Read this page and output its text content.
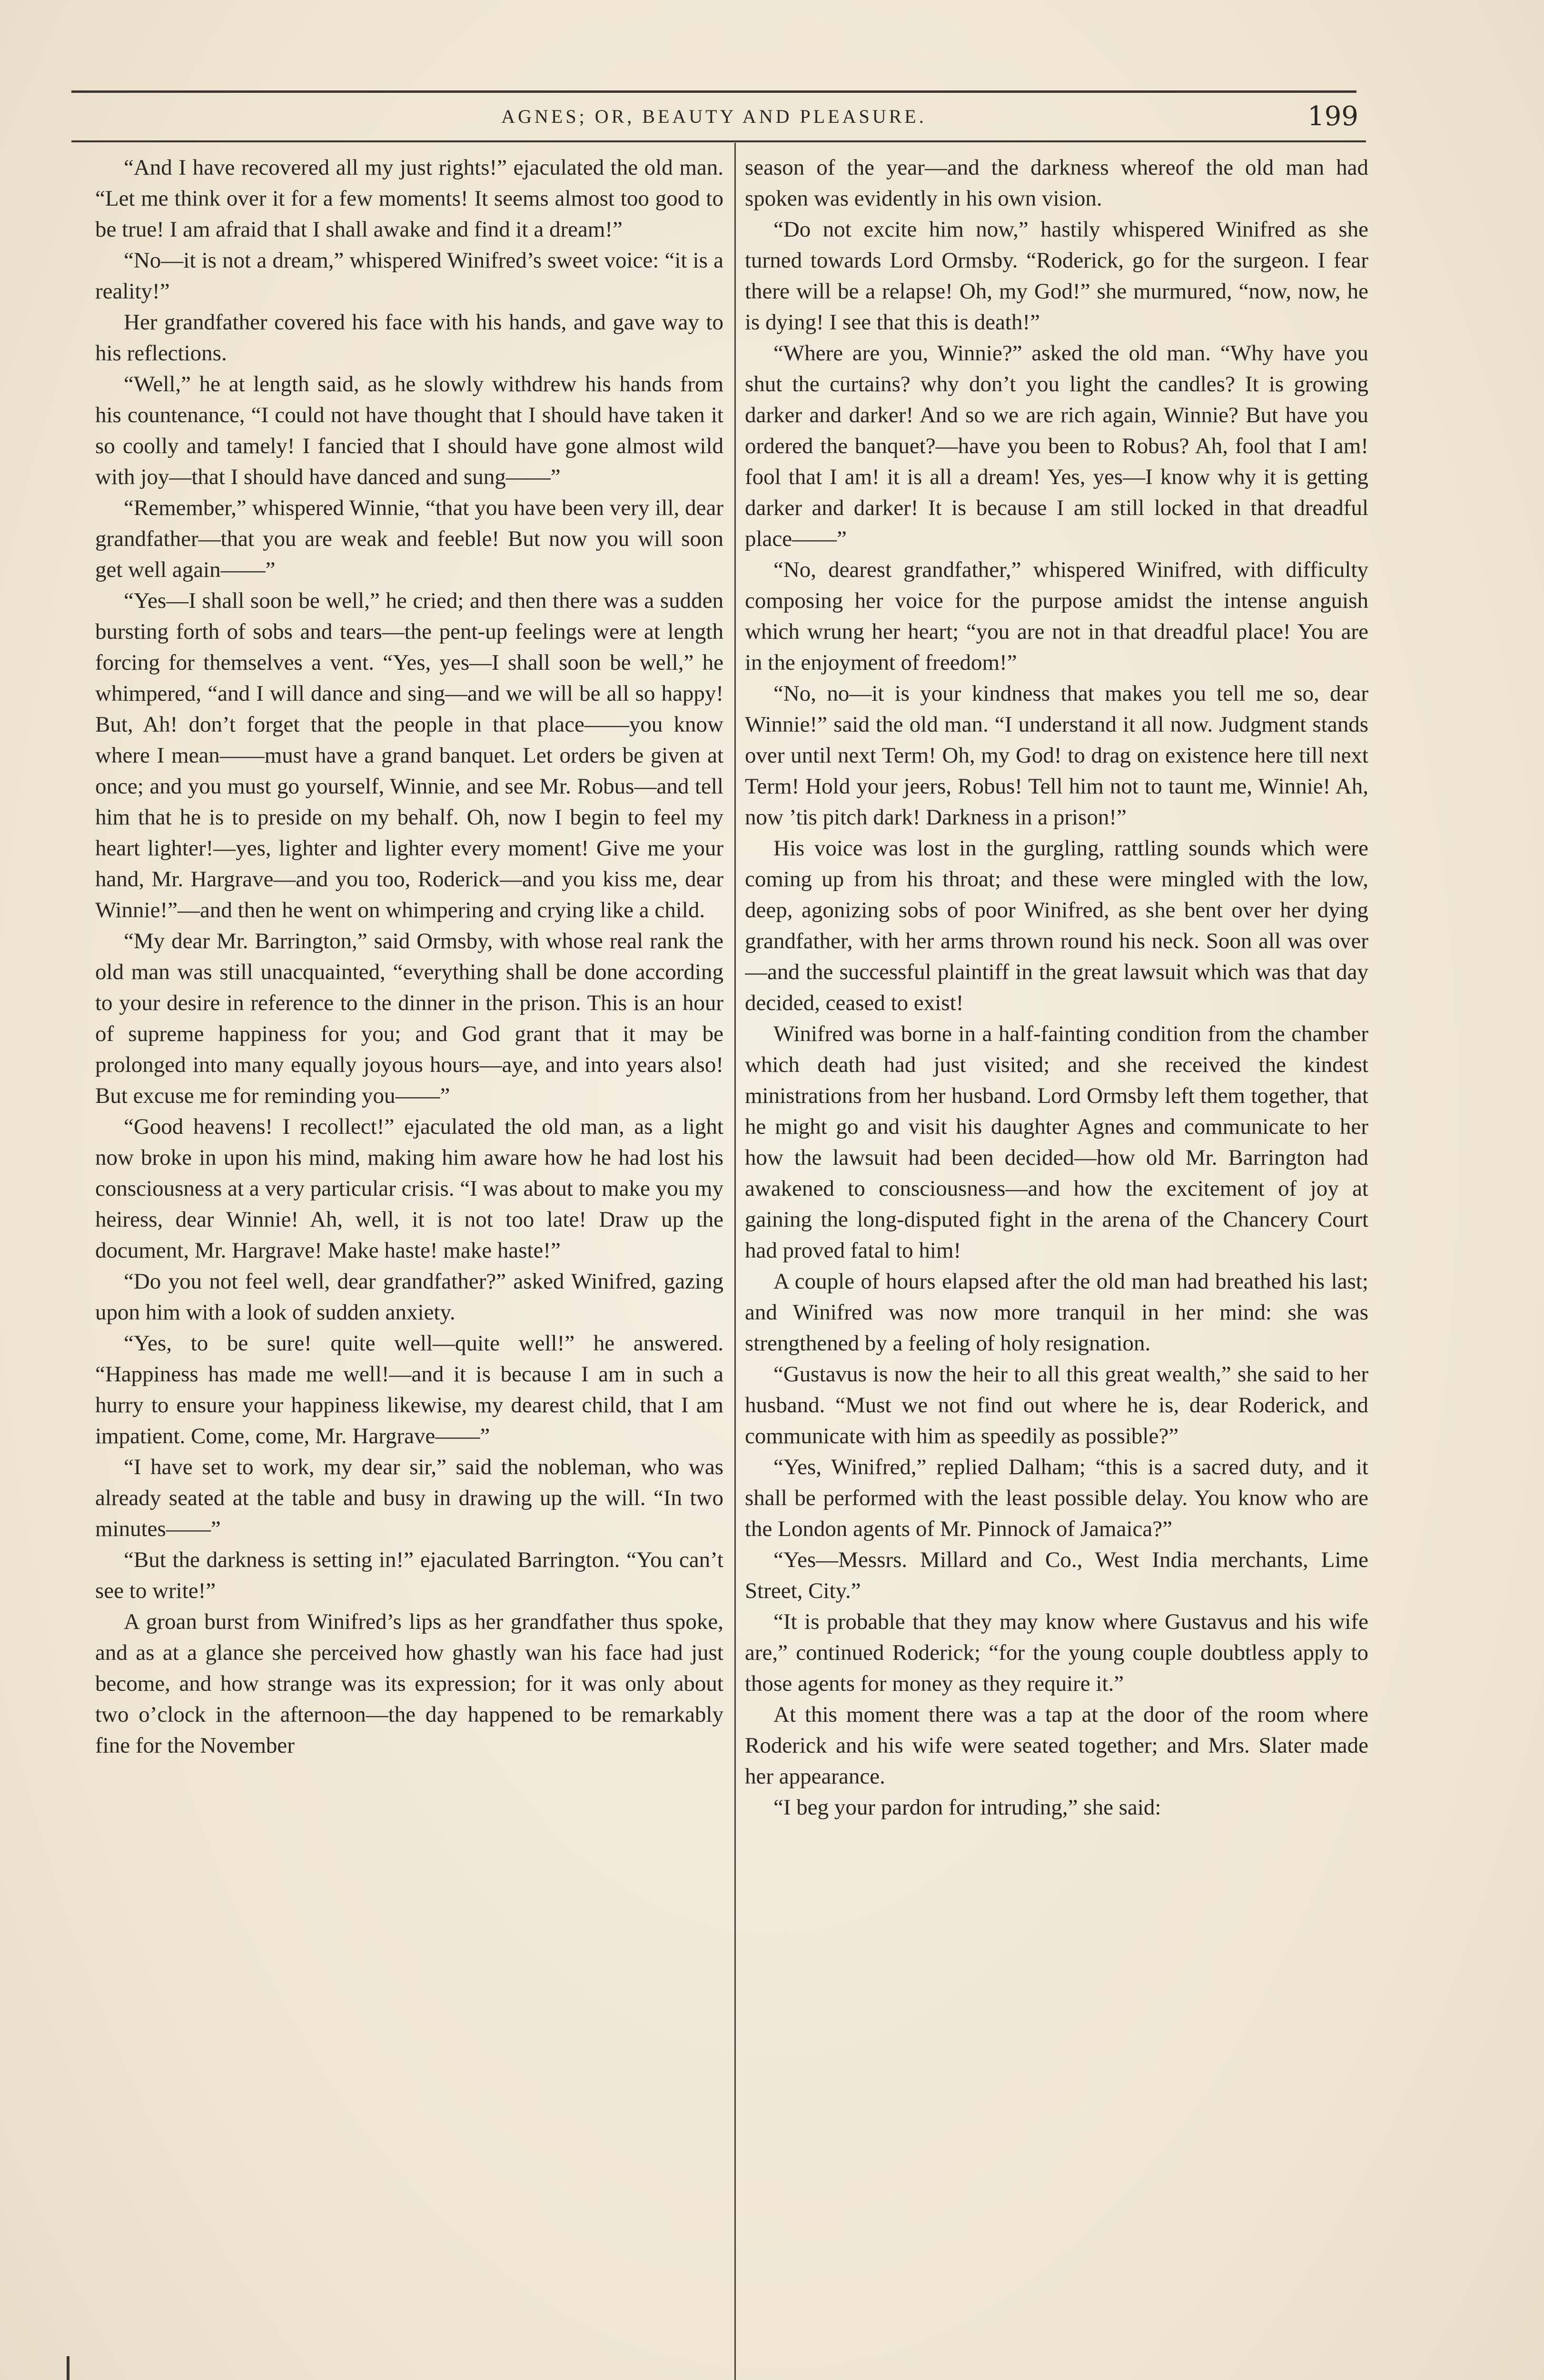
AGNES; OR, BEAUTY AND PLEASURE.	199

“And I have recovered all my just rights!” ejaculated the old man. “Let me think over it for a few moments! It seems almost too good to be true! I am afraid that I shall awake and find it a dream!”

“No—it is not a dream,” whispered Winifred’s sweet voice: “it is a reality!”

Her grandfather covered his face with his hands, and gave way to his reflections.

“Well,” he at length said, as he slowly withdrew his hands from his countenance, “I could not have thought that I should have taken it so coolly and tamely! I fancied that I should have gone almost wild with joy—that I should have danced and sung——”

“Remember,” whispered Winnie, “that you have been very ill, dear grandfather—that you are weak and feeble! But now you will soon get well again——”

“Yes—I shall soon be well,” he cried; and then there was a sudden bursting forth of sobs and tears—the pent-up feelings were at length forcing for themselves a vent. “Yes, yes—I shall soon be well,” he whimpered, “and I will dance and sing—and we will be all so happy! But, Ah! don’t forget that the people in that place——you know where I mean——must have a grand banquet. Let orders be given at once; and you must go yourself, Winnie, and see Mr. Robus—and tell him that he is to preside on my behalf. Oh, now I begin to feel my heart lighter!—yes, lighter and lighter every moment! Give me your hand, Mr. Hargrave—and you too, Roderick—and you kiss me, dear Winnie!”—and then he went on whimpering and crying like a child.

“My dear Mr. Barrington,” said Ormsby, with whose real rank the old man was still unacquainted, “everything shall be done according to your desire in reference to the dinner in the prison. This is an hour of supreme happiness for you; and God grant that it may be prolonged into many equally joyous hours—aye, and into years also! But excuse me for reminding you——”

“Good heavens! I recollect!” ejaculated the old man, as a light now broke in upon his mind, making him aware how he had lost his consciousness at a very particular crisis. “I was about to make you my heiress, dear Winnie! Ah, well, it is not too late! Draw up the document, Mr. Hargrave! Make haste! make haste!”

“Do you not feel well, dear grandfather?” asked Winifred, gazing upon him with a look of sudden anxiety.

“Yes, to be sure! quite well—quite well!” he answered. “Happiness has made me well!—and it is because I am in such a hurry to ensure your happiness likewise, my dearest child, that I am impatient. Come, come, Mr. Hargrave——”

“I have set to work, my dear sir,” said the nobleman, who was already seated at the table and busy in drawing up the will. “In two minutes——”

“But the darkness is setting in!” ejaculated Barrington. “You can’t see to write!”

A groan burst from Winifred’s lips as her grandfather thus spoke, and as at a glance she perceived how ghastly wan his face had just become, and how strange was its expression; for it was only about two o’clock in the afternoon—the day happened to be remarkably fine for the November

season of the year—and the darkness whereof the old man had spoken was evidently in his own vision.

“Do not excite him now,” hastily whispered Winifred as she turned towards Lord Ormsby. “Roderick, go for the surgeon. I fear there will be a relapse! Oh, my God!” she murmured, “now, now, he is dying! I see that this is death!”

“Where are you, Winnie?” asked the old man. “Why have you shut the curtains? why don’t you light the candles? It is growing darker and darker! And so we are rich again, Winnie? But have you ordered the banquet?—have you been to Robus? Ah, fool that I am! fool that I am! it is all a dream! Yes, yes—I know why it is getting darker and darker! It is because I am still locked in that dreadful place——”

“No, dearest grandfather,” whispered Winifred, with difficulty composing her voice for the purpose amidst the intense anguish which wrung her heart; “you are not in that dreadful place! You are in the enjoyment of freedom!”

“No, no—it is your kindness that makes you tell me so, dear Winnie!” said the old man. “I understand it all now. Judgment stands over until next Term! Oh, my God! to drag on existence here till next Term! Hold your jeers, Robus! Tell him not to taunt me, Winnie! Ah, now ’tis pitch dark! Darkness in a prison!”

His voice was lost in the gurgling, rattling sounds which were coming up from his throat; and these were mingled with the low, deep, agonizing sobs of poor Winifred, as she bent over her dying grandfather, with her arms thrown round his neck. Soon all was over—and the successful plaintiff in the great lawsuit which was that day decided, ceased to exist!

Winifred was borne in a half-fainting condition from the chamber which death had just visited; and she received the kindest ministrations from her husband. Lord Ormsby left them together, that he might go and visit his daughter Agnes and communicate to her how the lawsuit had been decided—how old Mr. Barrington had awakened to consciousness—and how the excitement of joy at gaining the long-disputed fight in the arena of the Chancery Court had proved fatal to him!

A couple of hours elapsed after the old man had breathed his last; and Winifred was now more tranquil in her mind: she was strengthened by a feeling of holy resignation.

“Gustavus is now the heir to all this great wealth,” she said to her husband. “Must we not find out where he is, dear Roderick, and communicate with him as speedily as possible?”

“Yes, Winifred,” replied Dalham; “this is a sacred duty, and it shall be performed with the least possible delay. You know who are the London agents of Mr. Pinnock of Jamaica?”

“Yes—Messrs. Millard and Co., West India merchants, Lime Street, City.”

“It is probable that they may know where Gustavus and his wife are,” continued Roderick; “for the young couple doubtless apply to those agents for money as they require it.”

At this moment there was a tap at the door of the room where Roderick and his wife were seated together; and Mrs. Slater made her appearance.

“I beg your pardon for intruding,” she said:
